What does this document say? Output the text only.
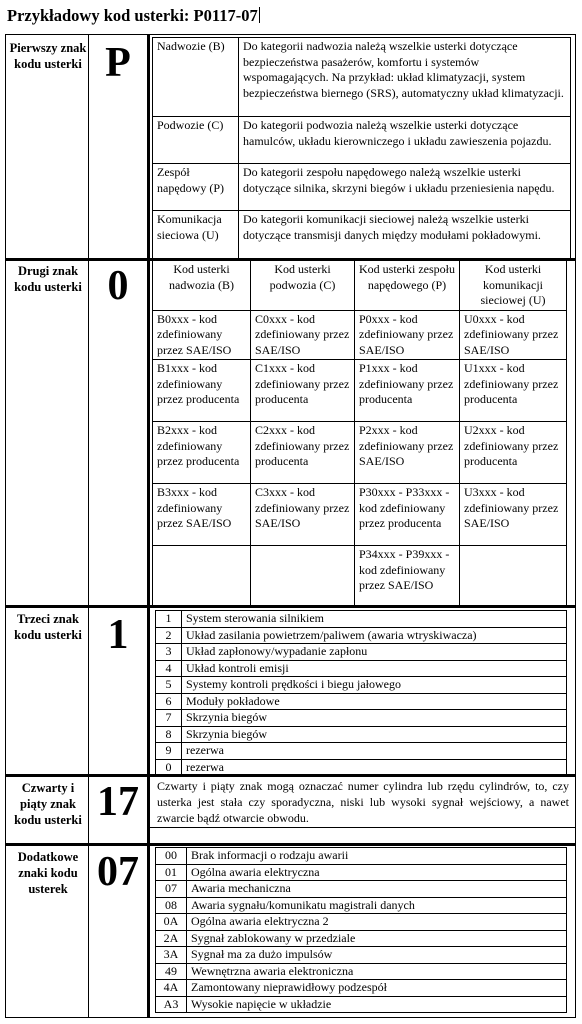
Przykładowy kod usterki: P0117-07
Pierwszy znak kodu usterki P	Nadwozie (B)	Do kategorii nadwozia należą wszelkie usterki dotyczące bezpieczeństwa pasażerów, komfortu i systemów wspomagających. Na przykład: układ klimatyzacji, system bezpieczeństwa biernego (SRS), automatyczny układ klimatyzacji.
Podwozie (C)	Do kategorii podwozia należą wszelkie usterki dotyczące hamulców, układu kierowniczego i układu zawieszenia pojazdu.
Zespół napędowy (P)	Do kategorii zespołu napędowego należą wszelkie usterki dotyczące silnika, skrzyni biegów i układu przeniesienia napędu.
Komunikacja sieciowa (U)	Do kategorii komunikacji sieciowej należą wszelkie usterki dotyczące transmisji danych między modułami pokładowymi.
Drugi znak kodu usterki 0	Kod usterki nadwozia (B)	Kod usterki podwozia (C)	Kod usterki zespołu napędowego (P)	Kod usterki komunikacji sieciowej (U)
B0xxx - kod zdefiniowany przez SAE/ISO	C0xxx - kod zdefiniowany przez SAE/ISO	P0xxx - kod zdefiniowany przez SAE/ISO	U0xxx - kod zdefiniowany przez SAE/ISO
B1xxx - kod zdefiniowany przez producenta	C1xxx - kod zdefiniowany przez producenta	P1xxx - kod zdefiniowany przez producenta	U1xxx - kod zdefiniowany przez producenta
B2xxx - kod zdefiniowany przez producenta	C2xxx - kod zdefiniowany przez producenta	P2xxx - kod zdefiniowany przez SAE/ISO	U2xxx - kod zdefiniowany przez producenta
B3xxx - kod zdefiniowany przez SAE/ISO	C3xxx - kod zdefiniowany przez SAE/ISO	P30xxx - P33xxx - kod zdefiniowany przez producenta	U3xxx - kod zdefiniowany przez SAE/ISO
		P34xxx - P39xxx - kod zdefiniowany przez SAE/ISO	
Trzeci znak kodu usterki 1	1	System sterowania silnikiem
2	Układ zasilania powietrzem/paliwem (awaria wtryskiwacza)
3	Układ zapłonowy/wypadanie zapłonu
4	Układ kontroli emisji
5	Systemy kontroli prędkości i biegu jałowego
6	Moduły pokładowe
7	Skrzynia biegów
8	Skrzynia biegów
9	rezerwa
0	rezerwa
Czwarty i piąty znak kodu usterki 17	Czwarty i piąty znak mogą oznaczać numer cylindra lub rzędu cylindrów, to, czy usterka jest stała czy sporadyczna, niski lub wysoki sygnał wejściowy, a nawet zwarcie bądź otwarcie obwodu.
Dodatkowe znaki kodu usterek 07	00	Brak informacji o rodzaju awarii
01	Ogólna awaria elektryczna
07	Awaria mechaniczna
08	Awaria sygnału/komunikatu magistrali danych
0A	Ogólna awaria elektryczna 2
2A	Sygnał zablokowany w przedziale
3A	Sygnał ma za dużo impulsów
49	Wewnętrzna awaria elektroniczna
4A	Zamontowany nieprawidłowy podzespół
A3	Wysokie napięcie w układzie
